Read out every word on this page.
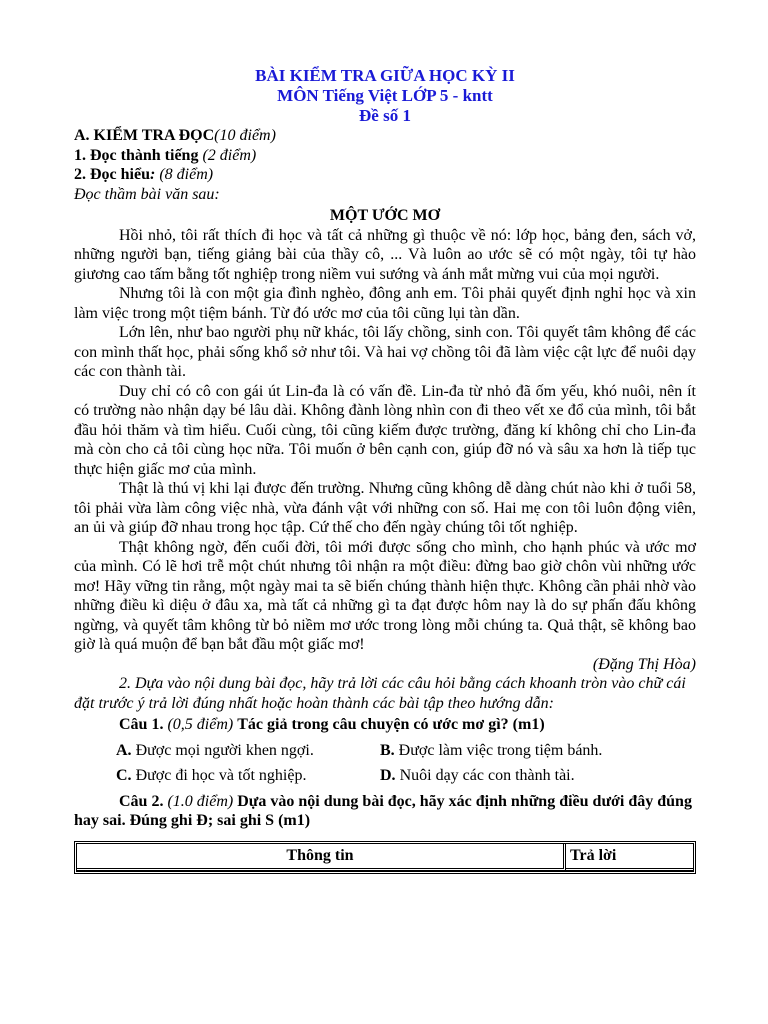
BÀI KIỂM TRA GIỮA HỌC KỲ II
MÔN Tiếng Việt LỚP 5 - kntt
Đề số 1
A. KIỂM TRA ĐỌC(10 điểm)
1. Đọc thành tiếng (2 điểm)
2. Đọc hiểu: (8 điểm)
Đọc thầm bài văn sau:
MỘT ƯỚC MƠ

Hồi nhỏ, tôi rất thích đi học và tất cả những gì thuộc về nó: lớp học, bảng đen, sách vở, những người bạn, tiếng giảng bài của thầy cô, ... Và luôn ao ước sẽ có một ngày, tôi tự hào giương cao tấm bằng tốt nghiệp trong niềm vui sướng và ánh mắt mừng vui của mọi người.

Nhưng tôi là con một gia đình nghèo, đông anh em. Tôi phải quyết định nghỉ học và xin làm việc trong một tiệm bánh. Từ đó ước mơ của tôi cũng lụi tàn dần.

Lớn lên, như bao người phụ nữ khác, tôi lấy chồng, sinh con. Tôi quyết tâm không để các con mình thất học, phải sống khổ sở như tôi. Và hai vợ chồng tôi đã làm việc cật lực để nuôi dạy các con thành tài.

Duy chỉ có cô con gái út Lin-đa là có vấn đề. Lin-đa từ nhỏ đã ốm yếu, khó nuôi, nên ít có trường nào nhận dạy bé lâu dài. Không đành lòng nhìn con đi theo vết xe đổ của mình, tôi bắt đầu hỏi thăm và tìm hiểu. Cuối cùng, tôi cũng kiếm được trường, đăng kí không chỉ cho Lin-đa mà còn cho cả tôi cùng học nữa. Tôi muốn ở bên cạnh con, giúp đỡ nó và sâu xa hơn là tiếp tục thực hiện giấc mơ của mình.

Thật là thú vị khi lại được đến trường. Nhưng cũng không dễ dàng chút nào khi ở tuổi 58, tôi phải vừa làm công việc nhà, vừa đánh vật với những con số. Hai mẹ con tôi luôn động viên, an ủi và giúp đỡ nhau trong học tập. Cứ thế cho đến ngày chúng tôi tốt nghiệp.

Thật không ngờ, đến cuối đời, tôi mới được sống cho mình, cho hạnh phúc và ước mơ của mình. Có lẽ hơi trễ một chút nhưng tôi nhận ra một điều: đừng bao giờ chôn vùi những ước mơ! Hãy vững tin rằng, một ngày mai ta sẽ biến chúng thành hiện thực. Không cần phải nhờ vào những điều kì diệu ở đâu xa, mà tất cả những gì ta đạt được hôm nay là do sự phấn đấu không ngừng, và quyết tâm không từ bỏ niềm mơ ước trong lòng mỗi chúng ta. Quả thật, sẽ không bao giờ là quá muộn để bạn bắt đầu một giấc mơ!

(Đặng Thị Hòa)

2. Dựa vào nội dung bài đọc, hãy trả lời các câu hỏi bằng cách khoanh tròn vào chữ cái đặt trước ý trả lời đúng nhất hoặc hoàn thành các bài tập theo hướng dẫn:

Câu 1. (0,5 điểm) Tác giả trong câu chuyện có ước mơ gì? (m1)
A. Được mọi người khen ngợi.	B. Được làm việc trong tiệm bánh.
C. Được đi học và tốt nghiệp.	D. Nuôi dạy các con thành tài.
Câu 2. (1.0 điểm) Dựa vào nội dung bài đọc, hãy xác định những điều dưới đây đúng hay sai. Đúng ghi Đ; sai ghi S (m1)
Thông tin	Trả lời
